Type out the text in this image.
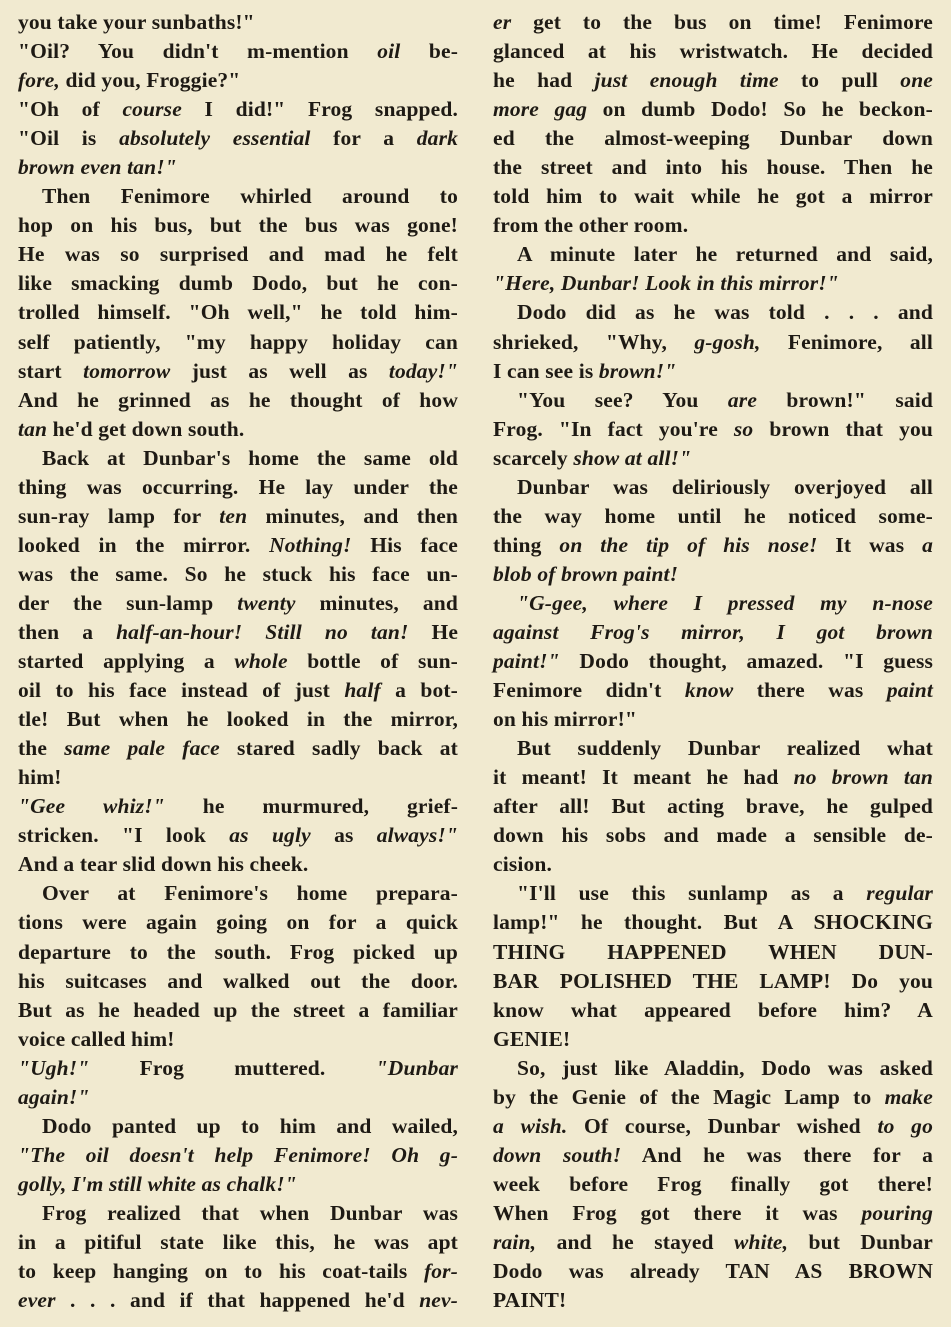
you take your sunbaths!"
"Oil? You didn't m-mention oil be-
fore, did you, Froggie?"
"Oh of course I did!" Frog snapped.
"Oil is absolutely essential for a dark
brown even tan!"
Then Fenimore whirled around to
hop on his bus, but the bus was gone!
He was so surprised and mad he felt
like smacking dumb Dodo, but he con-
trolled himself. "Oh well," he told him-
self patiently, "my happy holiday can
start tomorrow just as well as today!"
And he grinned as he thought of how
tan he'd get down south.
Back at Dunbar's home the same old
thing was occurring. He lay under the
sun-ray lamp for ten minutes, and then
looked in the mirror. Nothing! His face
was the same. So he stuck his face un-
der the sun-lamp twenty minutes, and
then a half-an-hour! Still no tan! He
started applying a whole bottle of sun-
oil to his face instead of just half a bot-
tle! But when he looked in the mirror,
the same pale face stared sadly back at
him!
"Gee whiz!" he murmured, grief-
stricken. "I look as ugly as always!"
And a tear slid down his cheek.
Over at Fenimore's home prepara-
tions were again going on for a quick
departure to the south. Frog picked up
his suitcases and walked out the door.
But as he headed up the street a familiar
voice called him!
"Ugh!" Frog muttered. "Dunbar
again!"
Dodo panted up to him and wailed,
"The oil doesn't help Fenimore! Oh g-
golly, I'm still white as chalk!"
Frog realized that when Dunbar was
in a pitiful state like this, he was apt
to keep hanging on to his coat-tails for-
ever . . . and if that happened he'd nev-
er get to the bus on time! Fenimore
glanced at his wristwatch. He decided
he had just enough time to pull one
more gag on dumb Dodo! So he beckon-
ed the almost-weeping Dunbar down
the street and into his house. Then he
told him to wait while he got a mirror
from the other room.
A minute later he returned and said,
"Here, Dunbar! Look in this mirror!"
Dodo did as he was told . . . and
shrieked, "Why, g-gosh, Fenimore, all
I can see is brown!"
"You see? You are brown!" said
Frog. "In fact you're so brown that you
scarcely show at all!"
Dunbar was deliriously overjoyed all
the way home until he noticed some-
thing on the tip of his nose! It was a
blob of brown paint!
"G-gee, where I pressed my n-nose
against Frog's mirror, I got brown
paint!" Dodo thought, amazed. "I guess
Fenimore didn't know there was paint
on his mirror!"
But suddenly Dunbar realized what
it meant! It meant he had no brown tan
after all! But acting brave, he gulped
down his sobs and made a sensible de-
cision.
"I'll use this sunlamp as a regular
lamp!" he thought. But A SHOCKING
THING HAPPENED WHEN DUN-
BAR POLISHED THE LAMP! Do you
know what appeared before him? A
GENIE!
So, just like Aladdin, Dodo was asked
by the Genie of the Magic Lamp to make
a wish. Of course, Dunbar wished to go
down south! And he was there for a
week before Frog finally got there!
When Frog got there it was pouring
rain, and he stayed white, but Dunbar
Dodo was already TAN AS BROWN
PAINT!
